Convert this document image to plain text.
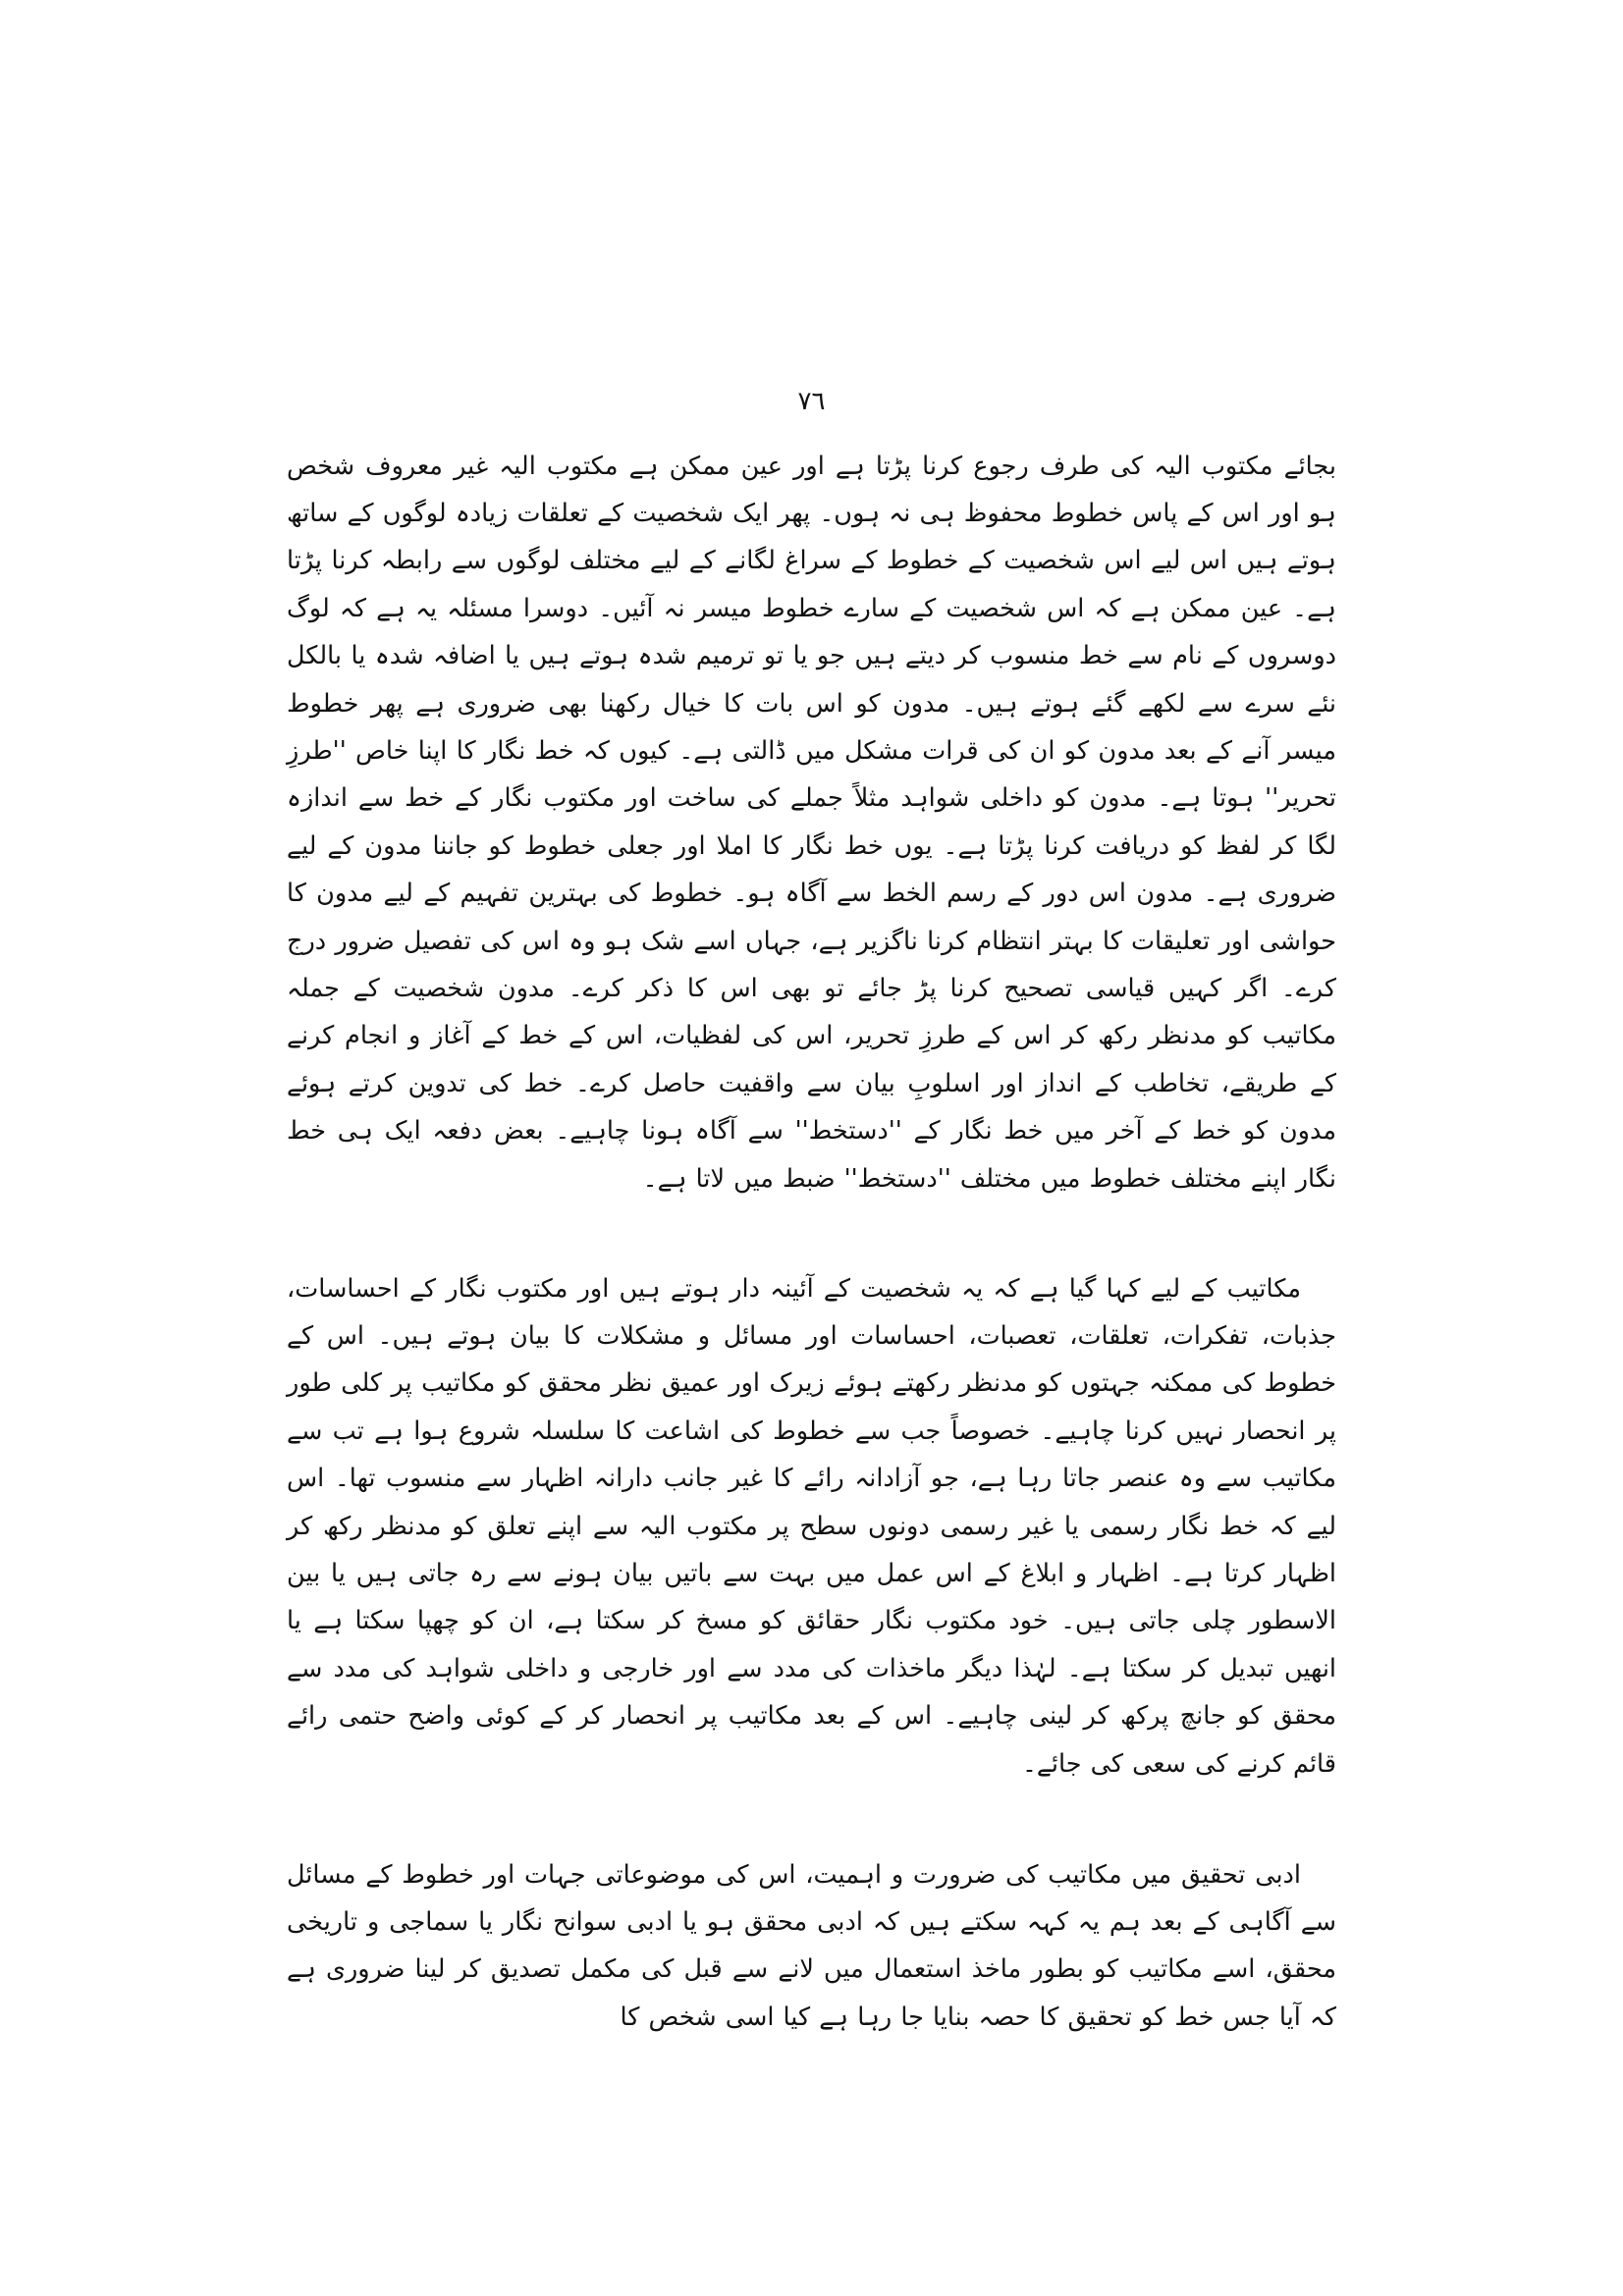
۷٦

بجائے مکتوب الیہ کی طرف رجوع کرنا پڑتا ہے اور عین ممکن ہے مکتوب الیہ غیر معروف شخص ہو اور اس کے پاس خطوط محفوظ ہی نہ ہوں۔ پھر ایک شخصیت کے تعلقات زیادہ لوگوں کے ساتھ ہوتے ہیں اس لیے اس شخصیت کے خطوط کے سراغ لگانے کے لیے مختلف لوگوں سے رابطہ کرنا پڑتا ہے۔ عین ممکن ہے کہ اس شخصیت کے سارے خطوط میسر نہ آئیں۔ دوسرا مسئلہ یہ ہے کہ لوگ دوسروں کے نام سے خط منسوب کر دیتے ہیں جو یا تو ترمیم شدہ ہوتے ہیں یا اضافہ شدہ یا بالکل نئے سرے سے لکھے گئے ہوتے ہیں۔ مدون کو اس بات کا خیال رکھنا بھی ضروری ہے پھر خطوط میسر آنے کے بعد مدون کو ان کی قرات مشکل میں ڈالتی ہے۔ کیوں کہ خط نگار کا اپنا خاص ''طرزِ تحریر'' ہوتا ہے۔ مدون کو داخلی شواہد مثلاً جملے کی ساخت اور مکتوب نگار کے خط سے اندازہ لگا کر لفظ کو دریافت کرنا پڑتا ہے۔ یوں خط نگار کا املا اور جعلی خطوط کو جاننا مدون کے لیے ضروری ہے۔ مدون اس دور کے رسم الخط سے آگاہ ہو۔ خطوط کی بہترین تفہیم کے لیے مدون کا حواشی اور تعلیقات کا بہتر انتظام کرنا ناگزیر ہے، جہاں اسے شک ہو وہ اس کی تفصیل ضرور درج کرے۔ اگر کہیں قیاسی تصحیح کرنا پڑ جائے تو بھی اس کا ذکر کرے۔ مدون شخصیت کے جملہ مکاتیب کو مدنظر رکھ کر اس کے طرزِ تحریر، اس کی لفظیات، اس کے خط کے آغاز و انجام کرنے کے طریقے، تخاطب کے انداز اور اسلوبِ بیان سے واقفیت حاصل کرے۔ خط کی تدوین کرتے ہوئے مدون کو خط کے آخر میں خط نگار کے ''دستخط'' سے آگاہ ہونا چاہیے۔ بعض دفعہ ایک ہی خط نگار اپنے مختلف خطوط میں مختلف ''دستخط'' ضبط میں لاتا ہے۔

مکاتیب کے لیے کہا گیا ہے کہ یہ شخصیت کے آئینہ دار ہوتے ہیں اور مکتوب نگار کے احساسات، جذبات، تفکرات، تعلقات، تعصبات، احساسات اور مسائل و مشکلات کا بیان ہوتے ہیں۔ اس کے خطوط کی ممکنہ جہتوں کو مدنظر رکھتے ہوئے زیرک اور عمیق نظر محقق کو مکاتیب پر کلی طور پر انحصار نہیں کرنا چاہیے۔ خصوصاً جب سے خطوط کی اشاعت کا سلسلہ شروع ہوا ہے تب سے مکاتیب سے وہ عنصر جاتا رہا ہے، جو آزادانہ رائے کا غیر جانب دارانہ اظہار سے منسوب تھا۔ اس لیے کہ خط نگار رسمی یا غیر رسمی دونوں سطح پر مکتوب الیہ سے اپنے تعلق کو مدنظر رکھ کر اظہار کرتا ہے۔ اظہار و ابلاغ کے اس عمل میں بہت سے باتیں بیان ہونے سے رہ جاتی ہیں یا بین الاسطور چلی جاتی ہیں۔ خود مکتوب نگار حقائق کو مسخ کر سکتا ہے، ان کو چھپا سکتا ہے یا انھیں تبدیل کر سکتا ہے۔ لہٰذا دیگر ماخذات کی مدد سے اور خارجی و داخلی شواہد کی مدد سے محقق کو جانچ پرکھ کر لینی چاہیے۔ اس کے بعد مکاتیب پر انحصار کر کے کوئی واضح حتمی رائے قائم کرنے کی سعی کی جائے۔

ادبی تحقیق میں مکاتیب کی ضرورت و اہمیت، اس کی موضوعاتی جہات اور خطوط کے مسائل سے آگاہی کے بعد ہم یہ کہہ سکتے ہیں کہ ادبی محقق ہو یا ادبی سوانح نگار یا سماجی و تاریخی محقق، اسے مکاتیب کو بطور ماخذ استعمال میں لانے سے قبل کی مکمل تصدیق کر لینا ضروری ہے کہ آیا جس خط کو تحقیق کا حصہ بنایا جا رہا ہے کیا اسی شخص کا
